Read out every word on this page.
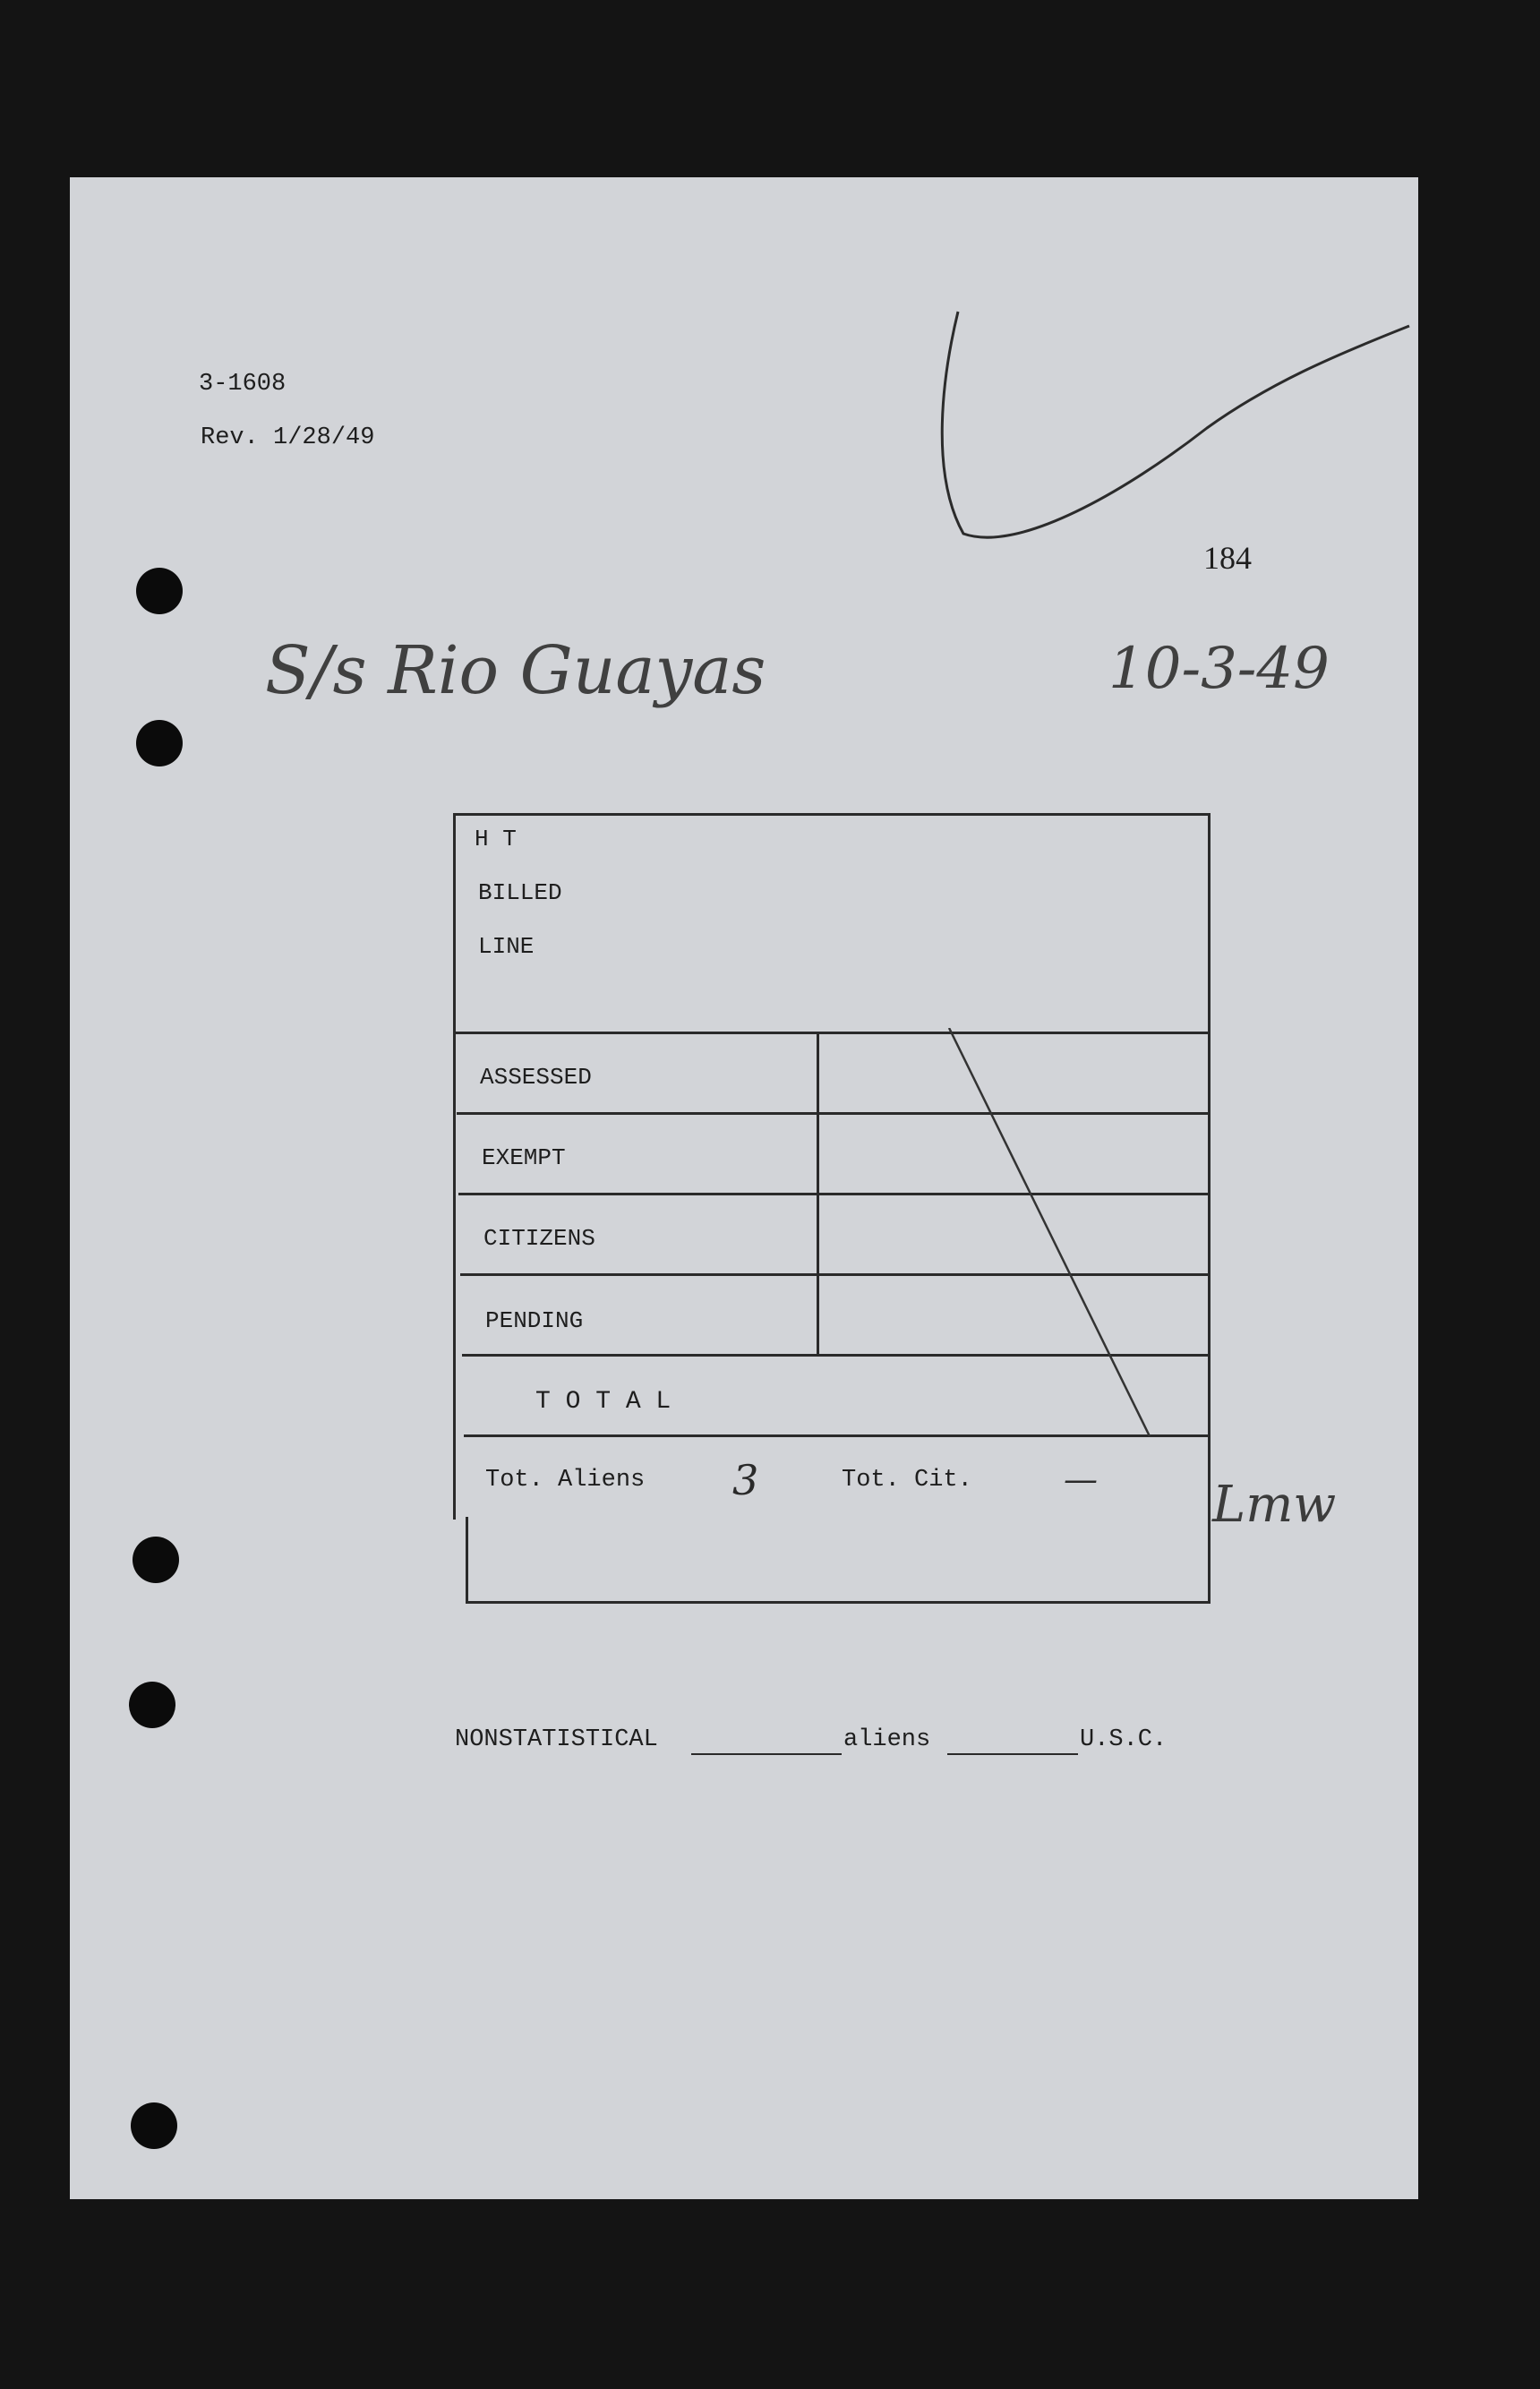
3-1608
Rev. 1/28/49
184
S/s Rio Guayas	10-3-49
H T
BILLED
LINE
ASSESSED
EXEMPT
CITIZENS
PENDING
T O T A L
Tot. Aliens 3	Tot. Cit.	— Lmw
NONSTATISTICAL	aliens	U.S.C.
